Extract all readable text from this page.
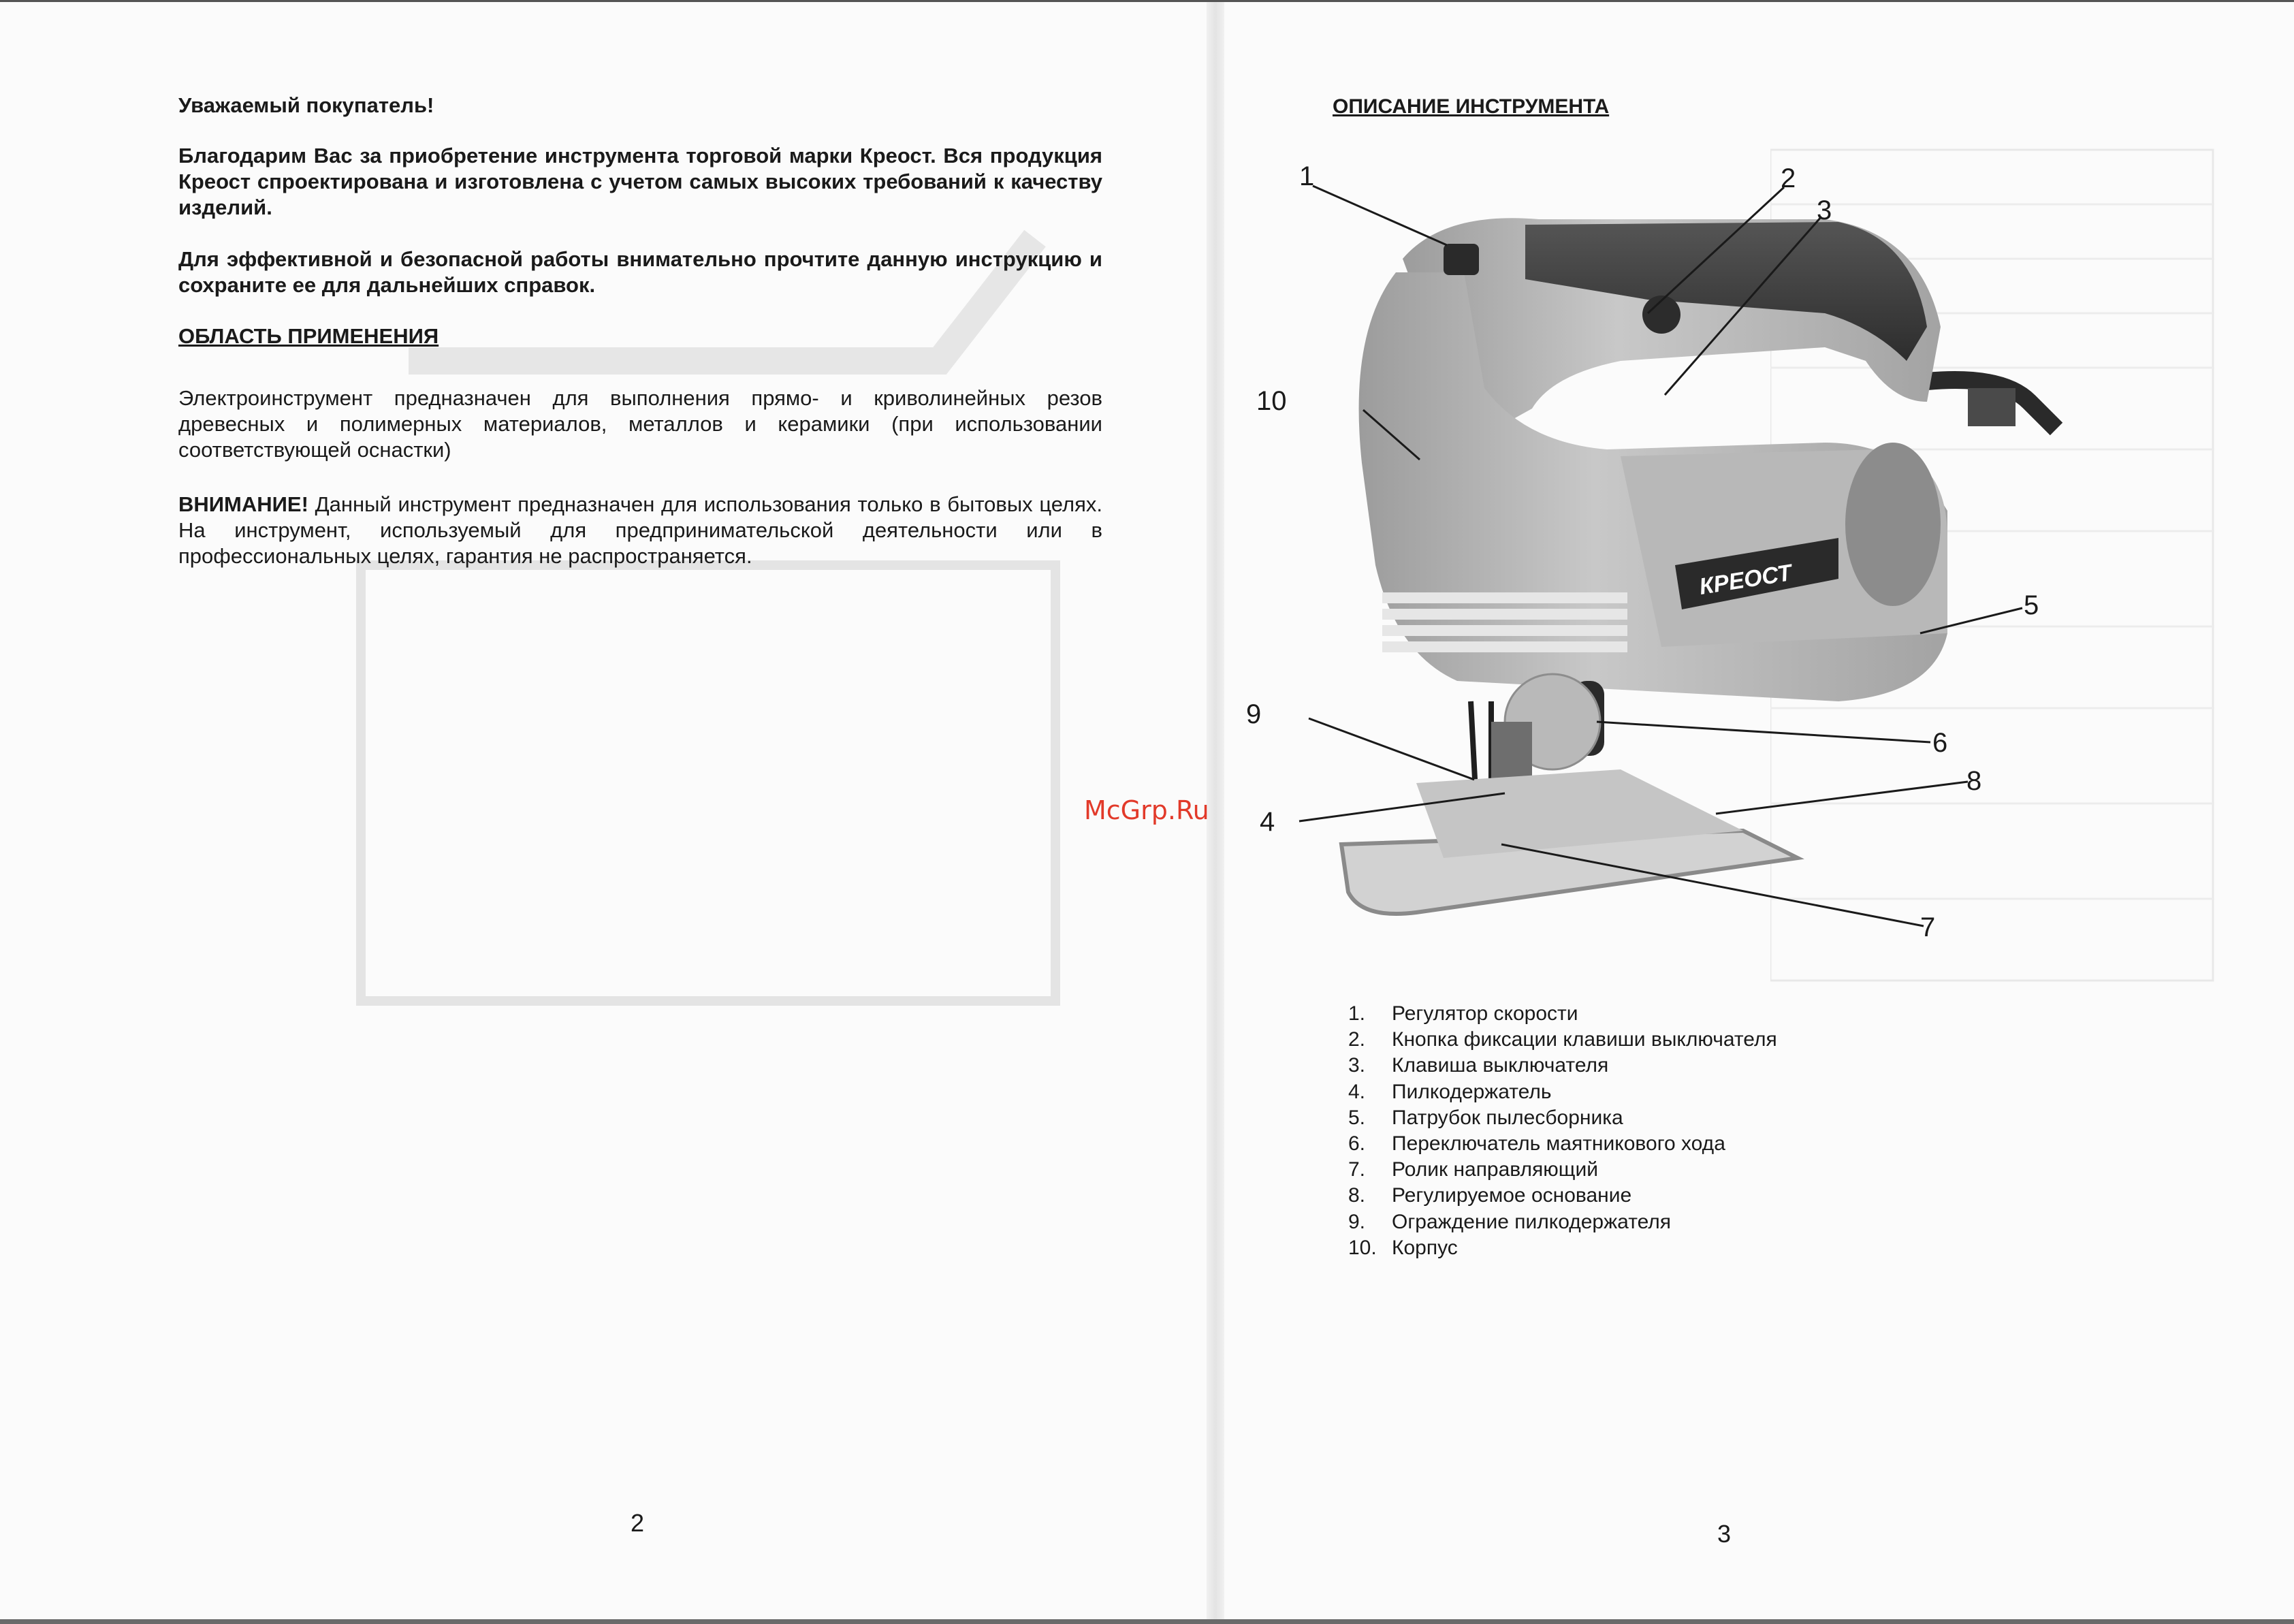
Уважаемый покупатель!
Благодарим Вас за приобретение инструмента торговой марки Креост. Вся продукция Креост спроектирована и изготовлена с учетом самых высоких требований к качеству изделий.
Для эффективной и безопасной работы внимательно прочтите данную инструкцию и сохраните ее для дальнейших справок.
ОБЛАСТЬ ПРИМЕНЕНИЯ
Электроинструмент предназначен для выполнения прямо- и криволинейных резов древесных и полимерных материалов, металлов и керамики (при использовании соответствующей оснастки)
ВНИМАНИЕ! Данный инструмент предназначен для использования только в бытовых целях. На инструмент, используемый для предпринимательской деятельности или в профессиональных целях, гарантия не распространяется.
2
ОПИСАНИЕ ИНСТРУМЕНТА
McGrp.Ru
КРЕОСТ
1	2
3
4
5
6
7
8
9
10
1.	Регулятор скорости
2.	Кнопка фиксации клавиши выключателя
3.	Клавиша выключателя
4.	Пилкодержатель
5.	Патрубок пылесборника
6.	Переключатель маятникового хода
7.	Ролик направляющий
8.	Регулируемое основание
9.	Ограждение пилкодержателя
10. Корпус
3
